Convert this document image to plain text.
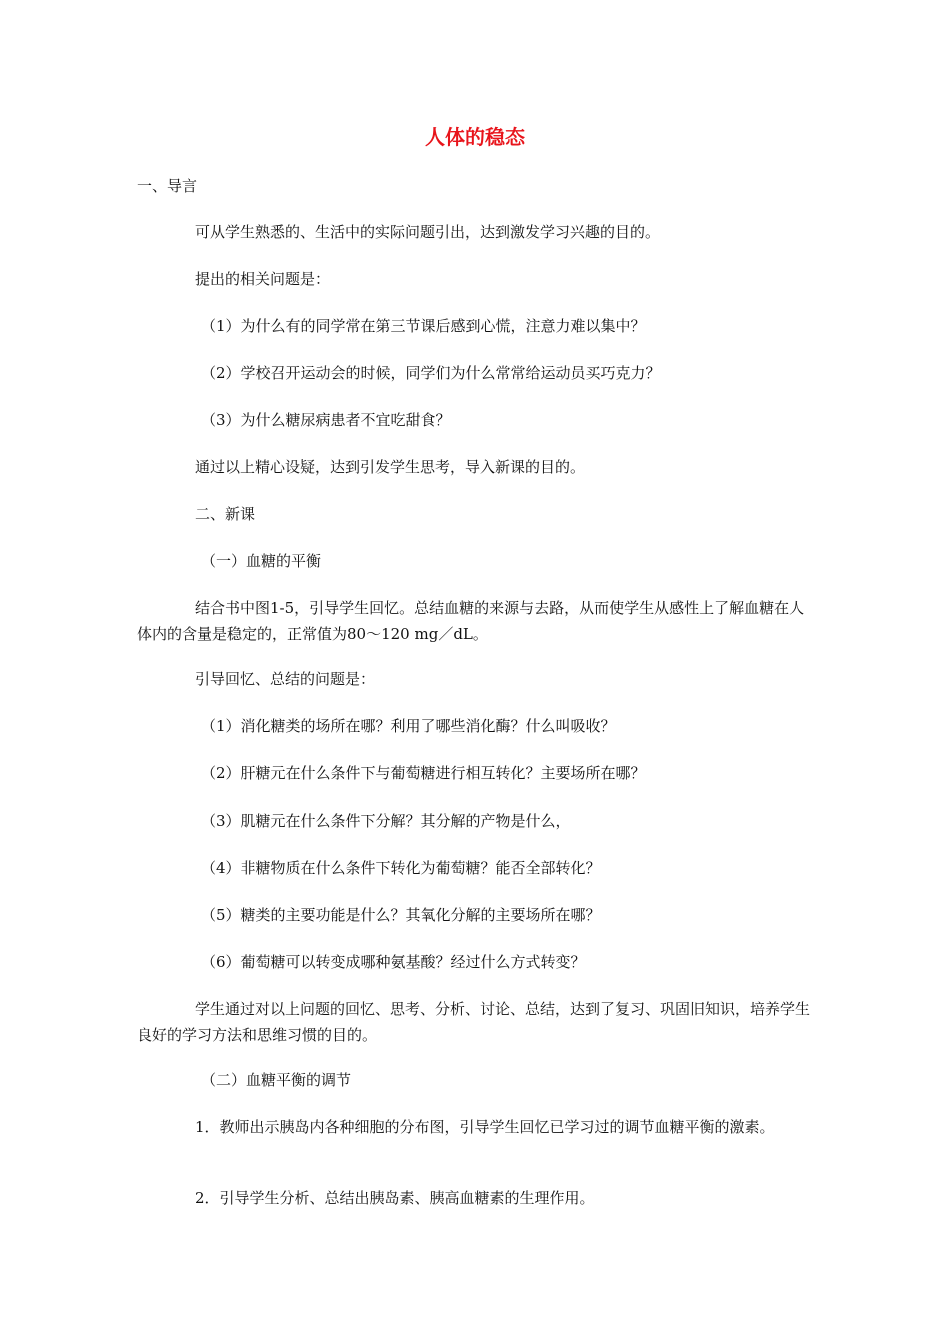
人体的稳态

一、导言

可从学生熟悉的、生活中的实际问题引出，达到激发学习兴趣的目的。

提出的相关问题是：

（1）为什么有的同学常在第三节课后感到心慌，注意力难以集中？

（2）学校召开运动会的时候，同学们为什么常常给运动员买巧克力？

（3）为什么糖尿病患者不宜吃甜食？

通过以上精心设疑，达到引发学生思考，导入新课的目的。

二、新课

（一）血糖的平衡

结合书中图1-5，引导学生回忆。总结血糖的来源与去路，从而使学生从感性上了解血糖在人体内的含量是稳定的，正常值为80～120 mg／dL。

引导回忆、总结的问题是：

（1）消化糖类的场所在哪？利用了哪些消化酶？什么叫吸收？

（2）肝糖元在什么条件下与葡萄糖进行相互转化？主要场所在哪？

（3）肌糖元在什么条件下分解？其分解的产物是什么，

（4）非糖物质在什么条件下转化为葡萄糖？能否全部转化？

（5）糖类的主要功能是什么？其氧化分解的主要场所在哪？

（6）葡萄糖可以转变成哪种氨基酸？经过什么方式转变？

学生通过对以上问题的回忆、思考、分析、讨论、总结，达到了复习、巩固旧知识，培养学生良好的学习方法和思维习惯的目的。

（二）血糖平衡的调节

1．教师出示胰岛内各种细胞的分布图，引导学生回忆已学习过的调节血糖平衡的激素。

2．引导学生分析、总结出胰岛素、胰高血糖素的生理作用。
